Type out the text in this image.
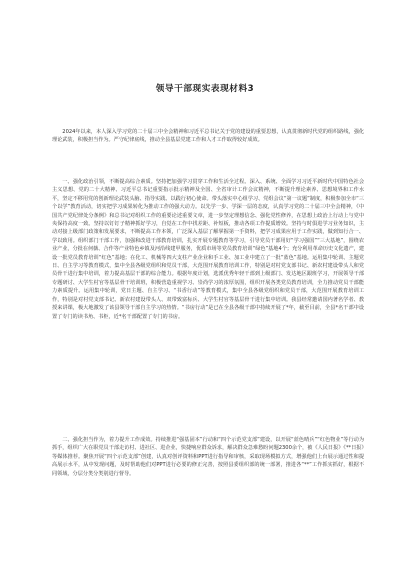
领导干部现实表现材料3

2024年以来，本人深入学习党的二十届三中全会精神和习近平总书记关于党的建设的重要思想，认真贯彻新时代党的组织路线，强化理论武装，积极担当作为。严守纪律底线，推动全县基层党建工作和人才工作取得较好成效。

一、强化政治引领，不断提高综合素质。坚持把加强学习贯穿工作和生活全过程。深入、系统、全面学习习近平新时代中国特色社会主义思想、党的二十大精神、习近平总书记重要指示批示精神及全国、全省审计工作会议精神，不断提升理论素养、思想境界和工作水平，坚定不移用党的创新理论武装头脑、指导实践、以践行初心使命。带头落实中心组学习、党组会议“第一议题”制度，积极参加全市“三个以学”教育活动，切实把学习成果转化为推动工作的强大动力。以先学一步、学深一层的态度，认真学习党的二十届三中全会精神，《中国共产党纪律处分条例》和总书记对组织工作的重要论述重要文章，进一步坚定理想信念、强化党性修养，在思想上政治上行动上与党中央保持高度一致。坚持以钉钉子精神抓好学习，自觉在工作中找差距、补短板，推动各项工作提质增效。坚持与时俱进学习业务知识，主动对接上级部门政策和发展要求，不断提高工作本领，广泛深入基层了解掌握第一手资料，把学习成果应用于工作实践，做到知行合一、学以致用。组织部门干部工作，加强和改进干部教育培训，扎实开展专题教育等学习，引导党员干部用好“学习强国”“三大基地”，围绕农业产业，分批在何薇、合作等产业特色乡镇及河沿线建甲服务，优质市场等党员教育培训“绿色”基地4个；充分利用革命历史文化遗产，建设一批党员教育培训“红色”基地；在化工、机械等四大支柱产业企业和手工业、加工业中建立了一批“蓝色”基地。运用集中轮训、主题党日、自主学习等教育模式，集中全县各级党组织和党员干部，大范围开展教育培训工作，特别是对村党支部书记、新农村建设带头人和党员骨干进行集中培训，着力提高基层干部的综合能力。根据年度计划，选派优秀年轻干部到上级部门、发达地区跟班学习，开展领导干部专题研讨、大学生村官等基层骨干培训班，积极营造重视学习、崇尚学习的浓厚氛围，组织开展各类党员教育培训，全力推动党员干部能力素质提升。运用集中轮训，党日主题、自主学习、“书香行动”等教育模式，集中全县各级党组织和党员干部，大范围开展教育培训工作，特别是对村党支部书记、新农村建设带头人、双带致富标兵、大学生村官等基层骨干进行集中培训。我县经常邀请国内著名学者、教授来讲课，极大地激发了该县领导干部自主学习的热情。“书房行动”是已在全县各级干部中持续开展了*年，截至目前，全县*名干部中设置了专门的读书角、书柜，近*名干部配置了专门的书房。

二、强化担当作为，着力提升工作成效。持续推进“强基固本”行动和“四个示范党支部”建设，以开展“蓝色晴兵”“红色物业”等行动为抓手，组织广大在职党员干部走访村、进社区、进企业，快捷响应群众诉求，解决群众急难愁盼问题2300余个，被《人民日报》《**日报》等媒体推荐。聚焦开展“四个示范支部”创建，认真对创评资料和PPT进行指导和审核，采取现场模拟方式，增强他们上台展示通过性和提高展示水平，从中发现问题，及时帮助他们对PPT进行必要的修正完善，按照县委组织部的统一部署，推进各“**”工作抓实抓好，根据不同领域，分层分类分类别进行督导。
